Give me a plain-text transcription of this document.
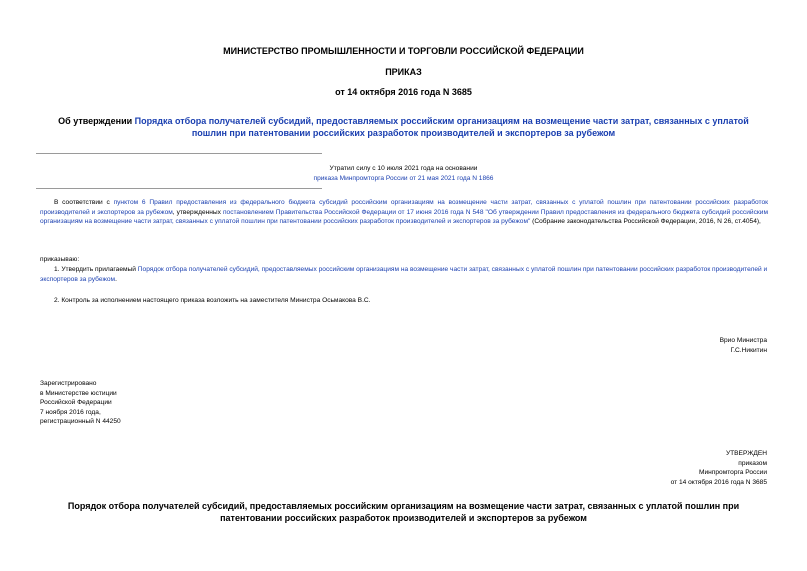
МИНИСТЕРСТВО ПРОМЫШЛЕННОСТИ И ТОРГОВЛИ РОССИЙСКОЙ ФЕДЕРАЦИИ
ПРИКАЗ
от 14 октября 2016 года N 3685
Об утверждении Порядка отбора получателей субсидий, предоставляемых российским организациям на возмещение части затрат, связанных с уплатой пошлин при патентовании российских разработок производителей и экспортеров за рубежом
Утратил силу с 10 июля 2021 года на основании
приказа Минпромторга России от 21 мая 2021 года N 1866
В соответствии с пунктом 6 Правил предоставления из федерального бюджета субсидий российским организациям на возмещение части затрат, связанных с уплатой пошлин при патентовании российских разработок производителей и экспортеров за рубежом, утвержденных постановлением Правительства Российской Федерации от 17 июня 2016 года N 548 "Об утверждении Правил предоставления из федерального бюджета субсидий российским организациям на возмещение части затрат, связанных с уплатой пошлин при патентовании российских разработок производителей и экспортеров за рубежом" (Собрание законодательства Российской Федерации, 2016, N 26, ст.4054),
приказываю:
1. Утвердить прилагаемый Порядок отбора получателей субсидий, предоставляемых российским организациям на возмещение части затрат, связанных с уплатой пошлин при патентовании российских разработок производителей и экспортеров за рубежом.
2. Контроль за исполнением настоящего приказа возложить на заместителя Министра Осьмакова В.С.
Врио Министра
Г.С.Никитин
Зарегистрировано
в Министерстве юстиции
Российской Федерации
7 ноября 2016 года,
регистрационный N 44250
УТВЕРЖДЕН
приказом
Минпромторга России
от 14 октября 2016 года N 3685
Порядок отбора получателей субсидий, предоставляемых российским организациям на возмещение части затрат, связанных с уплатой пошлин при патентовании российских разработок производителей и экспортеров за рубежом
